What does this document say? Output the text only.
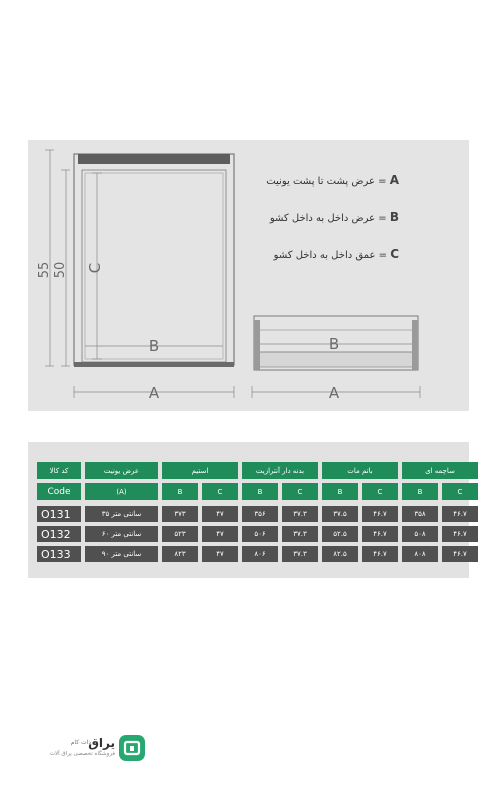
55 50 C
B
A
B
A
A = عرض پشت تا پشت یونیت
B = عرض داخل به داخل کشو
C = عمق داخل به داخل کشو
کد کالا	عرض یونیت	استیم	بدنه دار آنترازیت	باتم مات	ساچمه ای
Code	(A)	B	C	B	C	B	C	B	C
O131	۳۵ سانتی متر	۳۷۳	۴۷	۳۵۶	۳۷.۳	۳۷.۵	۴۶.۷	۳۵۸	۴۶.۷
O132	۶۰ سانتی متر	۵۲۳	۴۷	۵۰۶	۳۷.۳	۵۲.۵	۴۶.۷	۵۰۸	۴۶.۷
O133	۹۰ سانتی متر	۸۲۳	۴۷	۸۰۶	۳۷.۳	۸۲.۵	۴۶.۷	۸۰۸	۴۶.۷
یراق
دات کام
فروشگاه تخصصی یراق آلات
